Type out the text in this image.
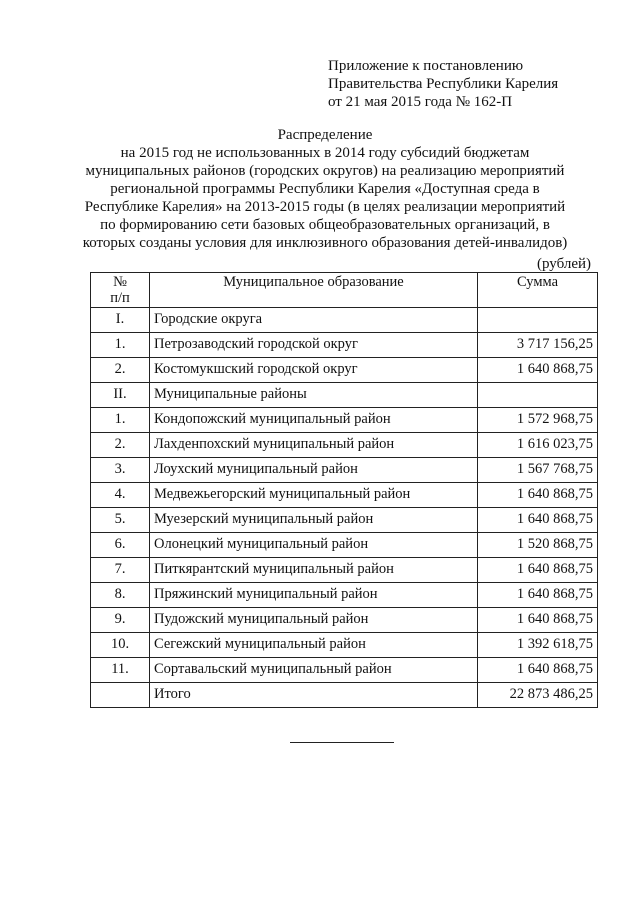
Приложение к постановлению
Правительства Республики Карелия
от 21 мая 2015 года № 162-П
Распределение
на 2015 год не использованных в 2014 году субсидий бюджетам
муниципальных районов (городских округов) на реализацию мероприятий
региональной программы Республики Карелия «Доступная среда в
Республике Карелия» на 2013-2015 годы (в целях реализации мероприятий
по формированию сети базовых общеобразовательных организаций, в
которых созданы условия для инклюзивного образования детей-инвалидов)
(рублей)
№
п/п	Муниципальное образование	Сумма
I.	Городские округа	
1.	Петрозаводский городской округ	3 717 156,25
2.	Костомукшский городской округ	1 640 868,75
II.	Муниципальные районы	
1.	Кондопожский муниципальный район	1 572 968,75
2.	Лахденпохский муниципальный район	1 616 023,75
3.	Лоухский муниципальный район	1 567 768,75
4.	Медвежьегорский муниципальный район	1 640 868,75
5.	Муезерский муниципальный район	1 640 868,75
6.	Олонецкий муниципальный район	1 520 868,75
7.	Питкярантский муниципальный район	1 640 868,75
8.	Пряжинский муниципальный район	1 640 868,75
9.	Пудожский муниципальный район	1 640 868,75
10.	Сегежский муниципальный район	1 392 618,75
11.	Сортавальский муниципальный район	1 640 868,75
	Итого	22 873 486,25
